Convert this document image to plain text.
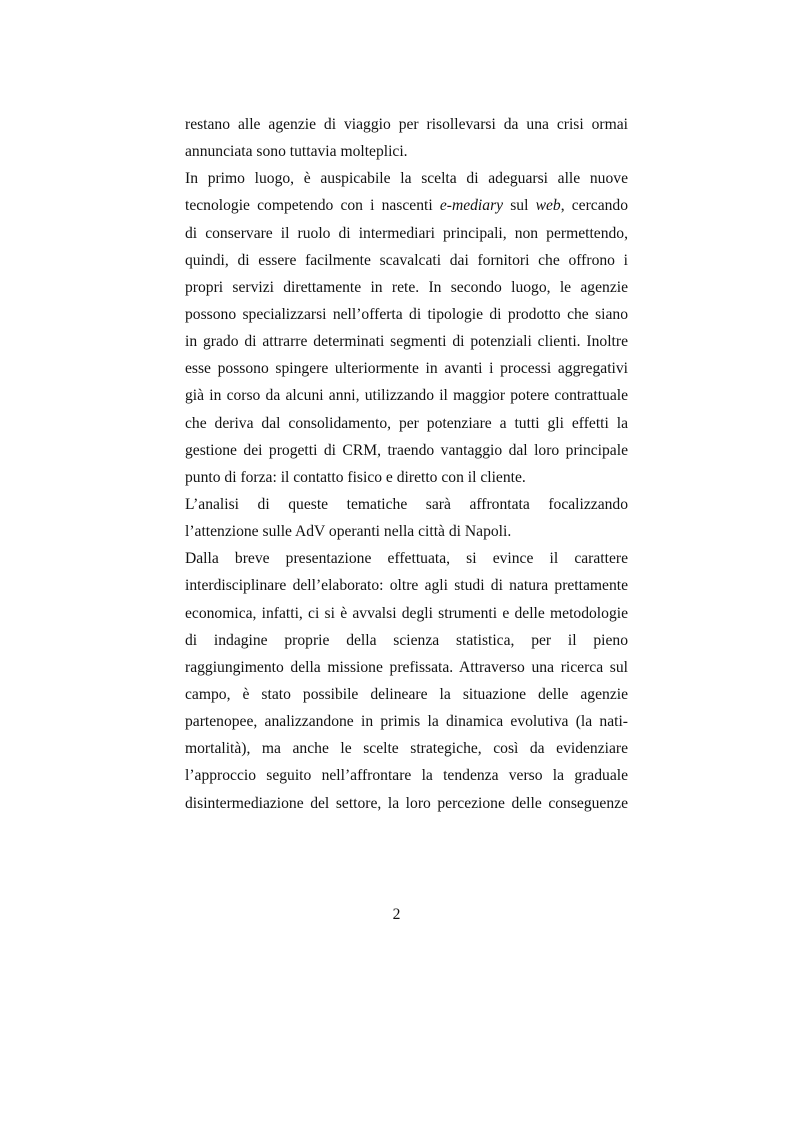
restano alle agenzie di viaggio per risollevarsi da una crisi ormai
annunciata sono tuttavia molteplici.
In primo luogo, è auspicabile la scelta di adeguarsi alle nuove
tecnologie competendo con i nascenti e-mediary sul web, cercando
di conservare il ruolo di intermediari principali, non permettendo,
quindi, di essere facilmente scavalcati dai fornitori che offrono i
propri servizi direttamente in rete. In secondo luogo, le agenzie
possono specializzarsi nell’offerta di tipologie di prodotto che siano
in grado di attrarre determinati segmenti di potenziali clienti. Inoltre
esse possono spingere ulteriormente in avanti i processi aggregativi
già in corso da alcuni anni, utilizzando il maggior potere contrattuale
che deriva dal consolidamento, per potenziare a tutti gli effetti la
gestione dei progetti di CRM, traendo vantaggio dal loro principale
punto di forza: il contatto fisico e diretto con il cliente.
L’analisi di queste tematiche sarà affrontata focalizzando
l’attenzione sulle AdV operanti nella città di Napoli.
Dalla breve presentazione effettuata, si evince il carattere
interdisciplinare dell’elaborato: oltre agli studi di natura prettamente
economica, infatti, ci si è avvalsi degli strumenti e delle metodologie
di indagine proprie della scienza statistica, per il pieno
raggiungimento della missione prefissata. Attraverso una ricerca sul
campo, è stato possibile delineare la situazione delle agenzie
partenopee, analizzandone in primis la dinamica evolutiva (la nati-
mortalità), ma anche le scelte strategiche, così da evidenziare
l’approccio seguito nell’affrontare la tendenza verso la graduale
disintermediazione del settore, la loro percezione delle conseguenze
2
